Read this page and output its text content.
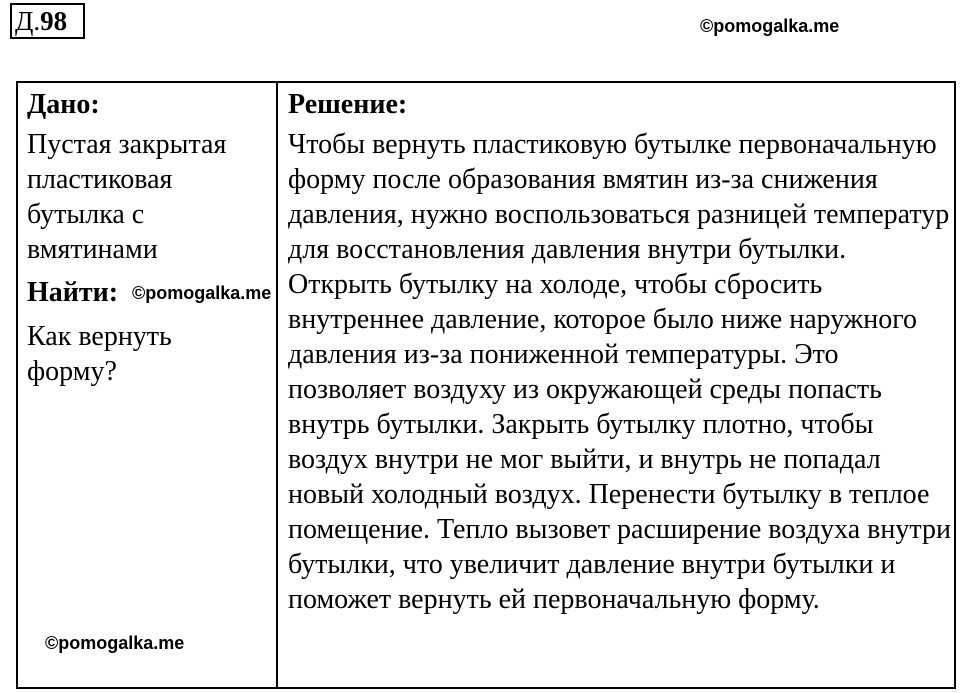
Д.98	©pomogalka.me
Дано:
Пустая закрытая пластиковая бутылка с вмятинами
Найти: ©pomogalka.me
Как вернуть форму?
©pomogalka.me
Решение:
Чтобы вернуть пластиковую бутылке первоначальную форму после образования вмятин из-за снижения давления, нужно воспользоваться разницей температур для восстановления давления внутри бутылки. Открыть бутылку на холоде, чтобы сбросить внутреннее давление, которое было ниже наружного давления из-за пониженной температуры. Это позволяет воздуху из окружающей среды попасть внутрь бутылки. Закрыть бутылку плотно, чтобы воздух внутри не мог выйти, и внутрь не попадал новый холодный воздух. Перенести бутылку в теплое помещение. Тепло вызовет расширение воздуха внутри бутылки, что увеличит давление внутри бутылки и поможет вернуть ей первоначальную форму.
